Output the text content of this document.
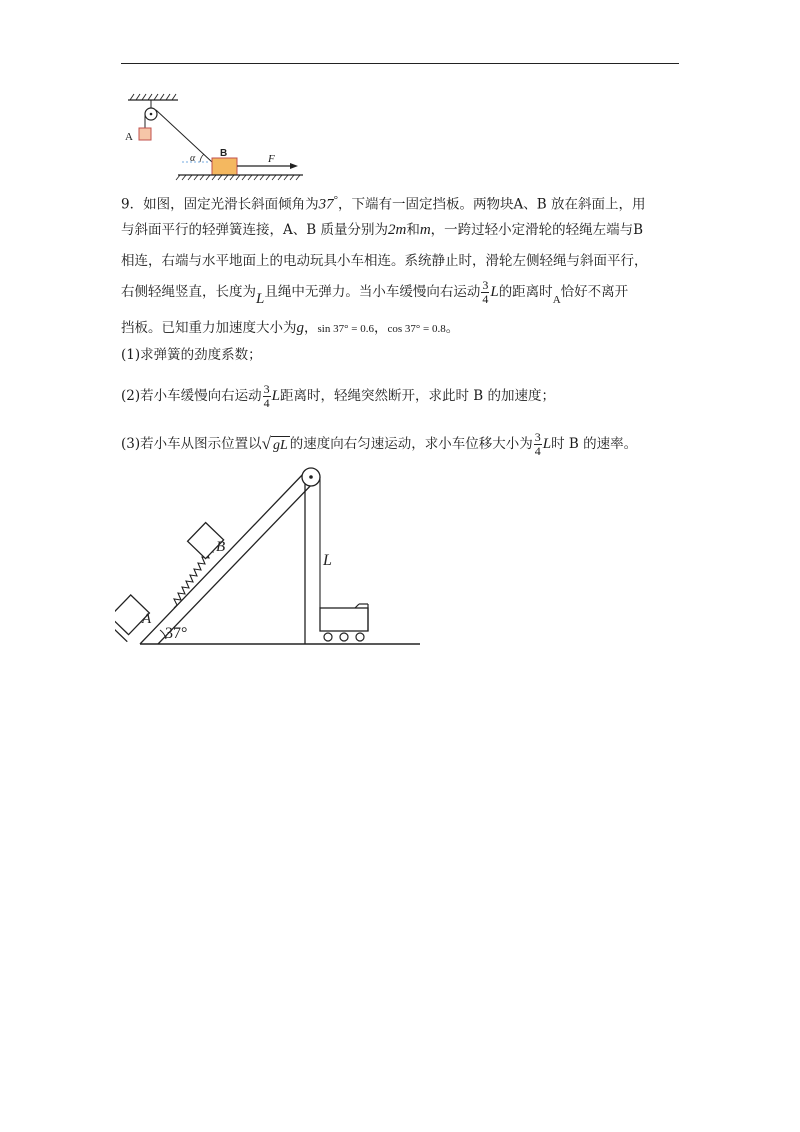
A
α B	F
9．如图，固定光滑长斜面倾角为37°，下端有一固定挡板。两物块A、B 放在斜面上，用
与斜面平行的轻弹簧连接，A、B 质量分别为2m和m，一跨过轻小定滑轮的轻绳左端与B
相连，右端与水平地面上的电动玩具小车相连。系统静止时，滑轮左侧轻绳与斜面平行，
右侧轻绳竖直，长度为L且绳中无弹力。当小车缓慢向右运动 $\frac{3}{4}$ L的距离时$_A$恰好不离开
挡板。已知重力加速度大小为g，sin 37° = 0.6，cos 37° = 0.8。
(1)求弹簧的劲度系数；
(2)若小车缓慢向右运动 $\frac{3}{4}$ L距离时，轻绳突然断开，求此时 B 的加速度；
(3)若小车从图示位置以√ gL 的速度向右匀速运动，求小车位移大小为 $\frac{3}{4}$ L时 B 的速率。
37°
A
B
L
